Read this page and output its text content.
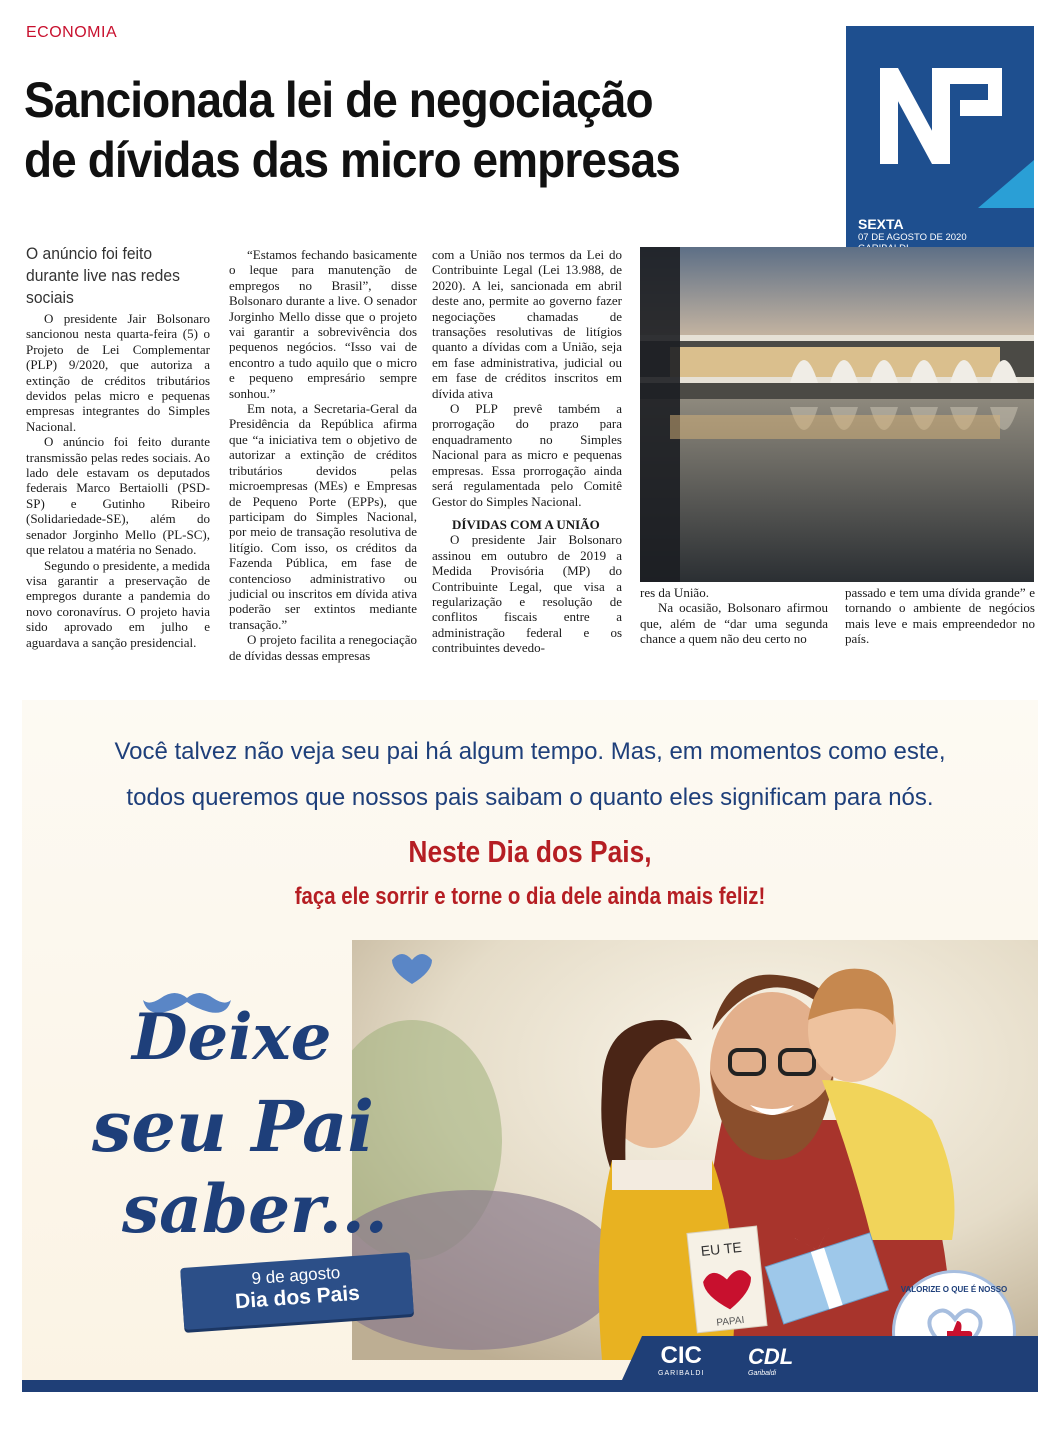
ECONOMIA
Sancionada lei de negociação
de dívidas das micro empresas
SEXTA
07 DE AGOSTO DE 2020
O anúncio foi feito durante live nas redes sociais

O presidente Jair Bolsonaro sancionou nesta quarta-feira (5) o Projeto de Lei Complementar (PLP) 9/2020, que autoriza a extinção de créditos tributários devidos pelas micro e pequenas empresas integrantes do Simples Nacional.

O anúncio foi feito durante transmissão pelas redes sociais. Ao lado dele estavam os deputados federais Marco Bertaiolli (PSD-SP) e Gutinho Ribeiro (Solidariedade-SE), além do senador Jorginho Mello (PL-SC), que relatou a matéria no Senado.

Segundo o presidente, a medida visa garantir a preservação de empregos durante a pandemia do novo coronavírus. O projeto havia sido aprovado em julho e aguardava a sanção presidencial.

“Estamos fechando basicamente o leque para manutenção de empregos no Brasil”, disse Bolsonaro durante a live. O senador Jorginho Mello disse que o projeto vai garantir a sobrevivência dos pequenos negócios. “Isso vai de encontro a tudo aquilo que o micro e pequeno empresário sempre sonhou.”

Em nota, a Secretaria-Geral da Presidência da República afirma que “a iniciativa tem o objetivo de autorizar a extinção de créditos tributários devidos pelas microempresas (MEs) e Empresas de Pequeno Porte (EPPs), que participam do Simples Nacional, por meio de transação resolutiva de litígio. Com isso, os créditos da Fazenda Pública, em fase de contencioso administrativo ou judicial ou inscritos em dívida ativa poderão ser extintos mediante transação.”

O projeto facilita a renegociação de dívidas dessas empresas

com a União nos termos da Lei do Contribuinte Legal (Lei 13.988, de 2020). A lei, sancionada em abril deste ano, permite ao governo fazer negociações chamadas de transações resolutivas de litígios quanto a dívidas com a União, seja em fase administrativa, judicial ou em fase de créditos inscritos em dívida ativa

O PLP prevê também a prorrogação do prazo para enquadramento no Simples Nacional para as micro e pequenas empresas. Essa prorrogação ainda será regulamentada pelo Comitê Gestor do Simples Nacional.

DÍVIDAS COM A UNIÃO

O presidente Jair Bolsonaro assinou em outubro de 2019 a Medida Provisória (MP) do Contribuinte Legal, que visa a regularização e resolução de conflitos fiscais entre a administração federal e os contribuintes devedo-

res da União.

Na ocasião, Bolsonaro afirmou que, além de “dar uma segunda chance a quem não deu certo no

passado e tem uma dívida grande” e tornando o ambiente de negócios mais leve e mais empreendedor no país.

Você talvez não veja seu pai há algum tempo. Mas, em momentos como este,
todos queremos que nossos pais saibam o quanto eles significam para nós.
Neste Dia dos Pais,
faça ele sorrir e torne o dia dele ainda mais feliz!
EU TE
PAPAI
Deixe
seu Pai
saber...
9 de agosto
Dia dos Pais	VALORIZE O QUE É NOSSO
CIC
GARIBALDI
CDL
Garibaldi
